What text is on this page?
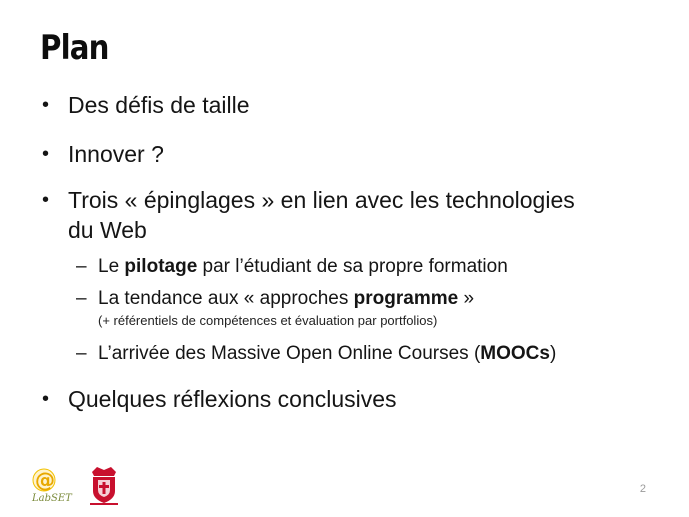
Plan
• Des défis de taille
• Innover ?
• Trois « épinglages » en lien avec les technologies
du Web
– Le pilotage par l’étudiant de sa propre formation
– La tendance aux « approches programme »
(+ référentiels de compétences et évaluation par portfolios)
– L’arrivée des Massive Open Online Courses (MOOCs)
• Quelques réflexions conclusives
@
LabSET
2
